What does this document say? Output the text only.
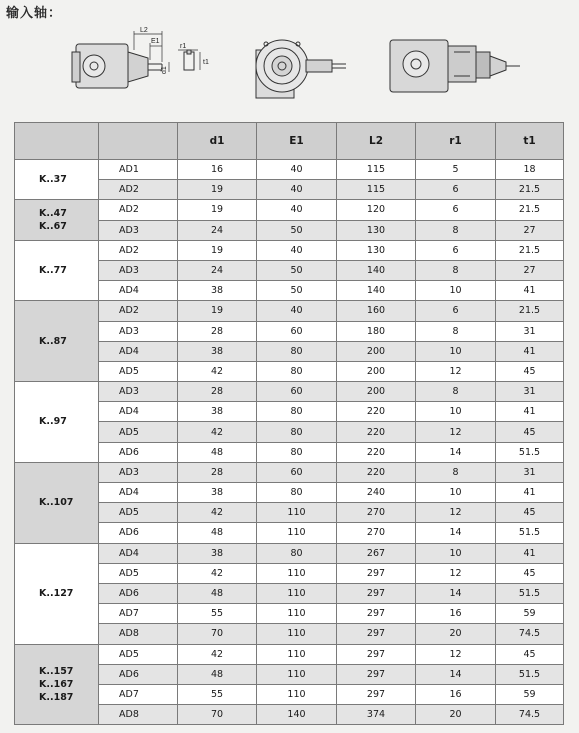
输入轴：
L2
E1
d1
r1
t1
		d1	E1	L2	r1	t1

K..37	AD1	16	40	115	5	18
	AD2	19	40	115	6	21.5

K..47
K..67	AD2	19	40	120	6	21.5
	AD3	24	50	130	8	27

K..77	AD2	19	40	130	6	21.5
	AD3	24	50	140	8	27
	AD4	38	50	140	10	41

K..87	AD2	19	40	160	6	21.5
	AD3	28	60	180	8	31
	AD4	38	80	200	10	41
	AD5	42	80	200	12	45

K..97	AD3	28	60	200	8	31
	AD4	38	80	220	10	41
	AD5	42	80	220	12	45
	AD6	48	80	220	14	51.5

K..107	AD3	28	60	220	8	31
	AD4	38	80	240	10	41
	AD5	42	110	270	12	45
	AD6	48	110	270	14	51.5

K..127	AD4	38	80	267	10	41
	AD5	42	110	297	12	45
	AD6	48	110	297	14	51.5
	AD7	55	110	297	16	59
	AD8	70	110	297	20	74.5

K..157
K..167
K..187	AD5	42	110	297	12	45
	AD6	48	110	297	14	51.5
	AD7	55	110	297	16	59
	AD8	70	140	374	20	74.5
